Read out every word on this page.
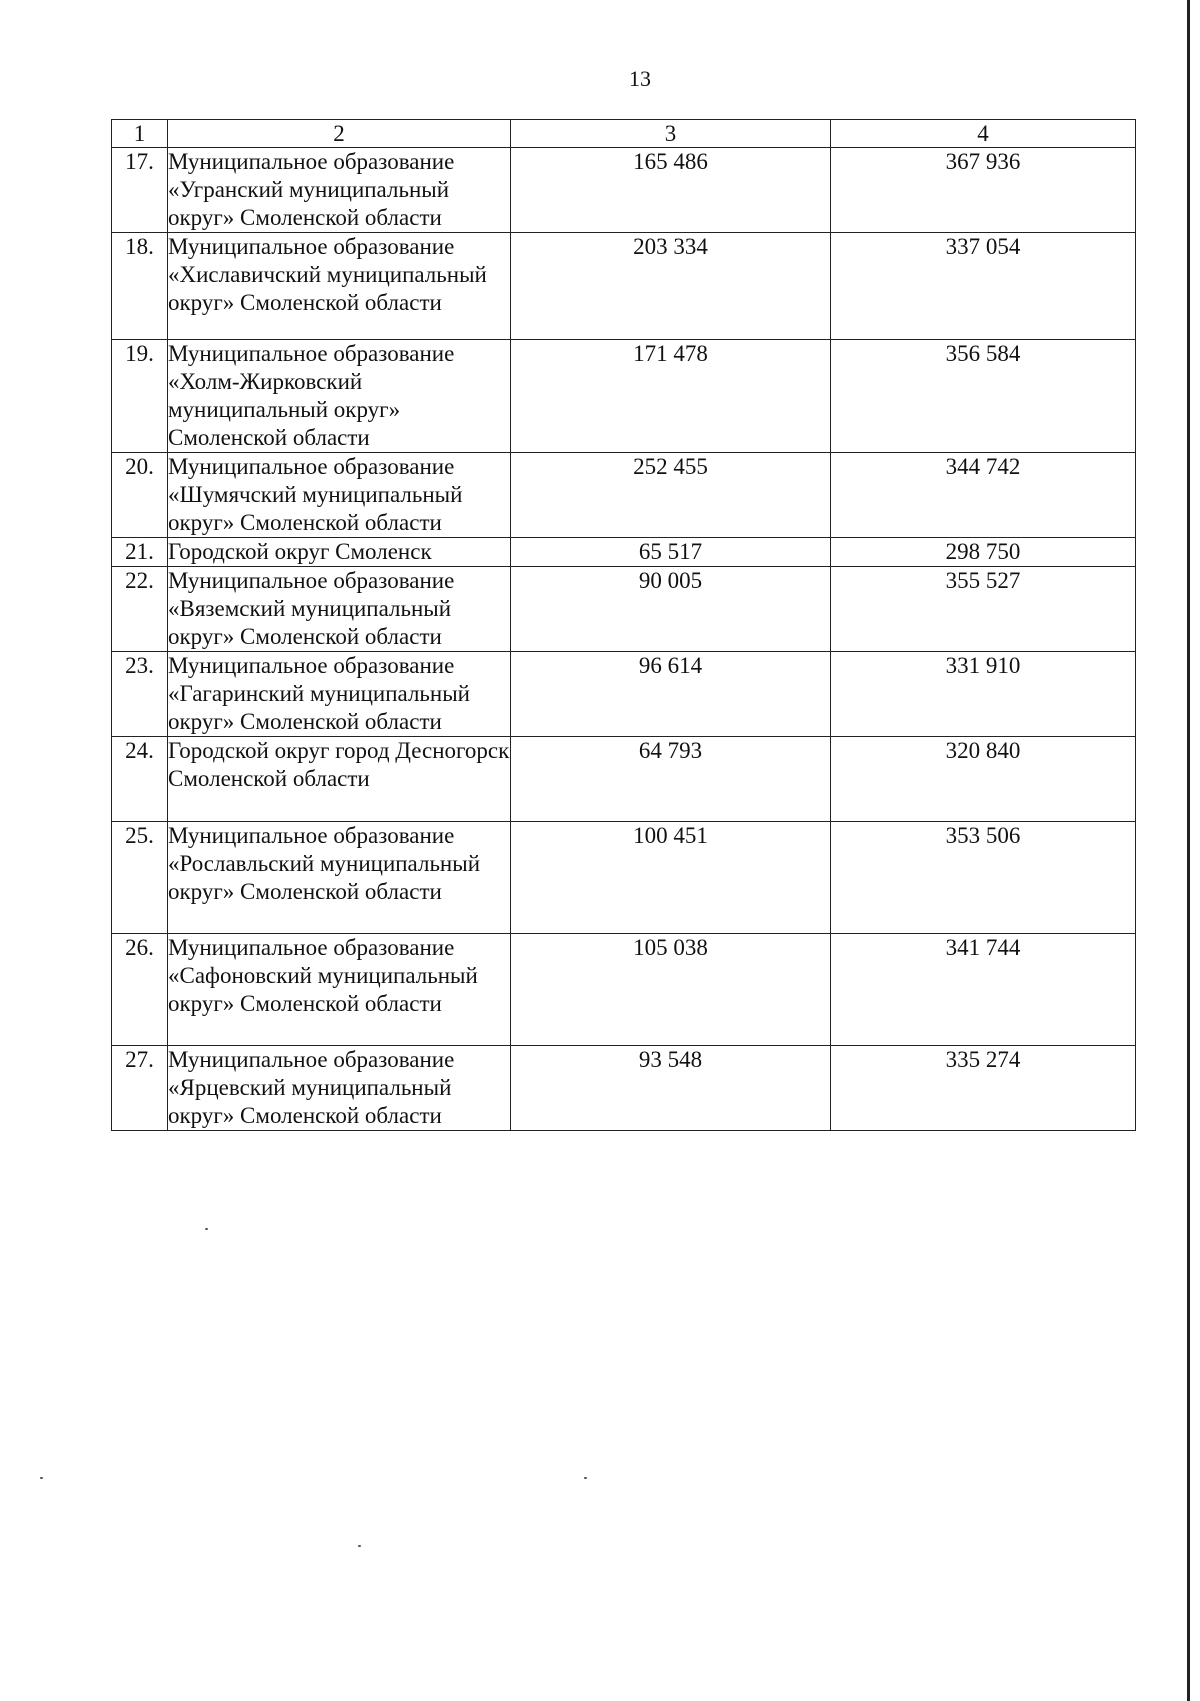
13
1	2	3	4
17.	Муниципальное образование «Угранский муниципальный округ» Смоленской области	165 486	367 936
18.	Муниципальное образование «Хиславичский муниципальный округ» Смоленской области	203 334	337 054
19.	Муниципальное образование «Холм-Жирковский муниципальный округ» Смоленской области	171 478	356 584
20.	Муниципальное образование «Шумячский муниципальный округ» Смоленской области	252 455	344 742
21.	Городской округ Смоленск	65 517	298 750
22.	Муниципальное образование «Вяземский муниципальный округ» Смоленской области	90 005	355 527
23.	Муниципальное образование «Гагаринский муниципальный округ» Смоленской области	96 614	331 910
24.	Городской округ город Десногорск Смоленской области	64 793	320 840
25.	Муниципальное образование «Рославльский муниципальный округ» Смоленской области	100 451	353 506
26.	Муниципальное образование «Сафоновский муниципальный округ» Смоленской области	105 038	341 744
27.	Муниципальное образование «Ярцевский муниципальный округ» Смоленской области	93 548	335 274
